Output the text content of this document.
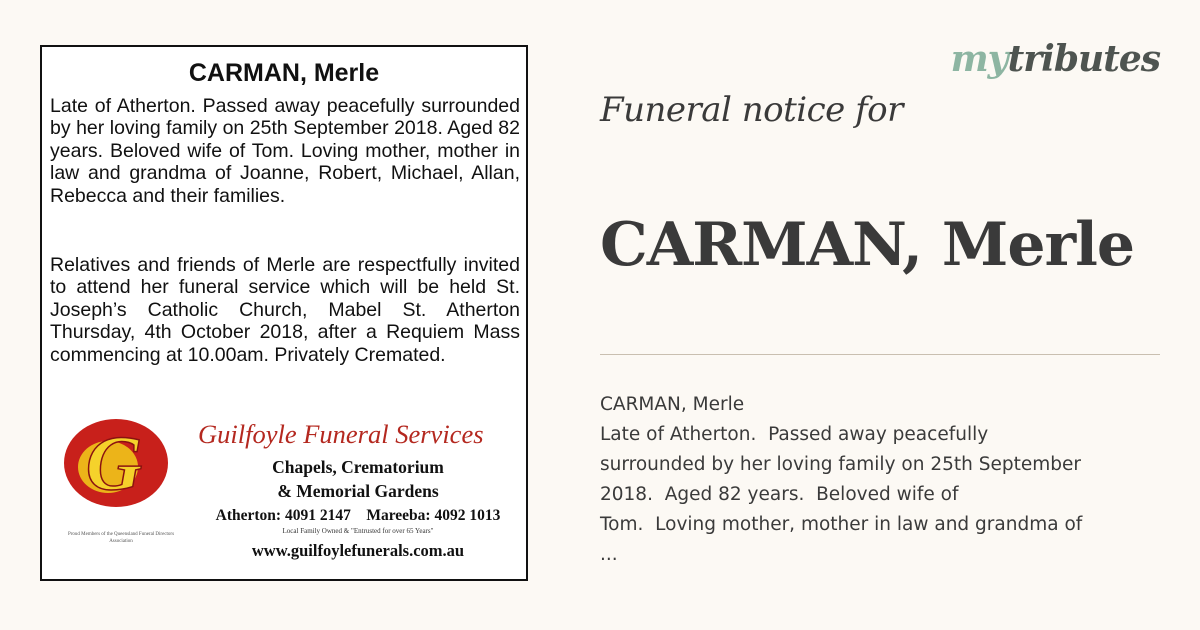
CARMAN, Merle
Late of Atherton. Passed away peacefully surrounded by her loving family on 25th September 2018. Aged 82 years. Beloved wife of Tom. Loving mother, mother in law and grandma of Joanne, Robert, Michael, Allan, Rebecca and their families.
Relatives and friends of Merle are respectfully invited to attend her funeral service which will be held St. Joseph’s Catholic Church, Mabel St. Atherton Thursday, 4th October 2018, after a Requiem Mass commencing at 10.00am. Privately Cremated.
G
Proud Members of the Queensland Funeral Directors Association
Guilfoyle Funeral Services
Chapels, Crematorium
& Memorial Gardens
Atherton: 4091 2147    Mareeba: 4092 1013
Local Family Owned & "Entrusted for over 65 Years"
www.guilfoylefunerals.com.au
mytributes
Funeral notice for
CARMAN, Merle
CARMAN, Merle
Late of Atherton.  Passed away peacefully
surrounded by her loving family on 25th September
2018.  Aged 82 years.  Beloved wife of
Tom.  Loving mother, mother in law and grandma of
...
